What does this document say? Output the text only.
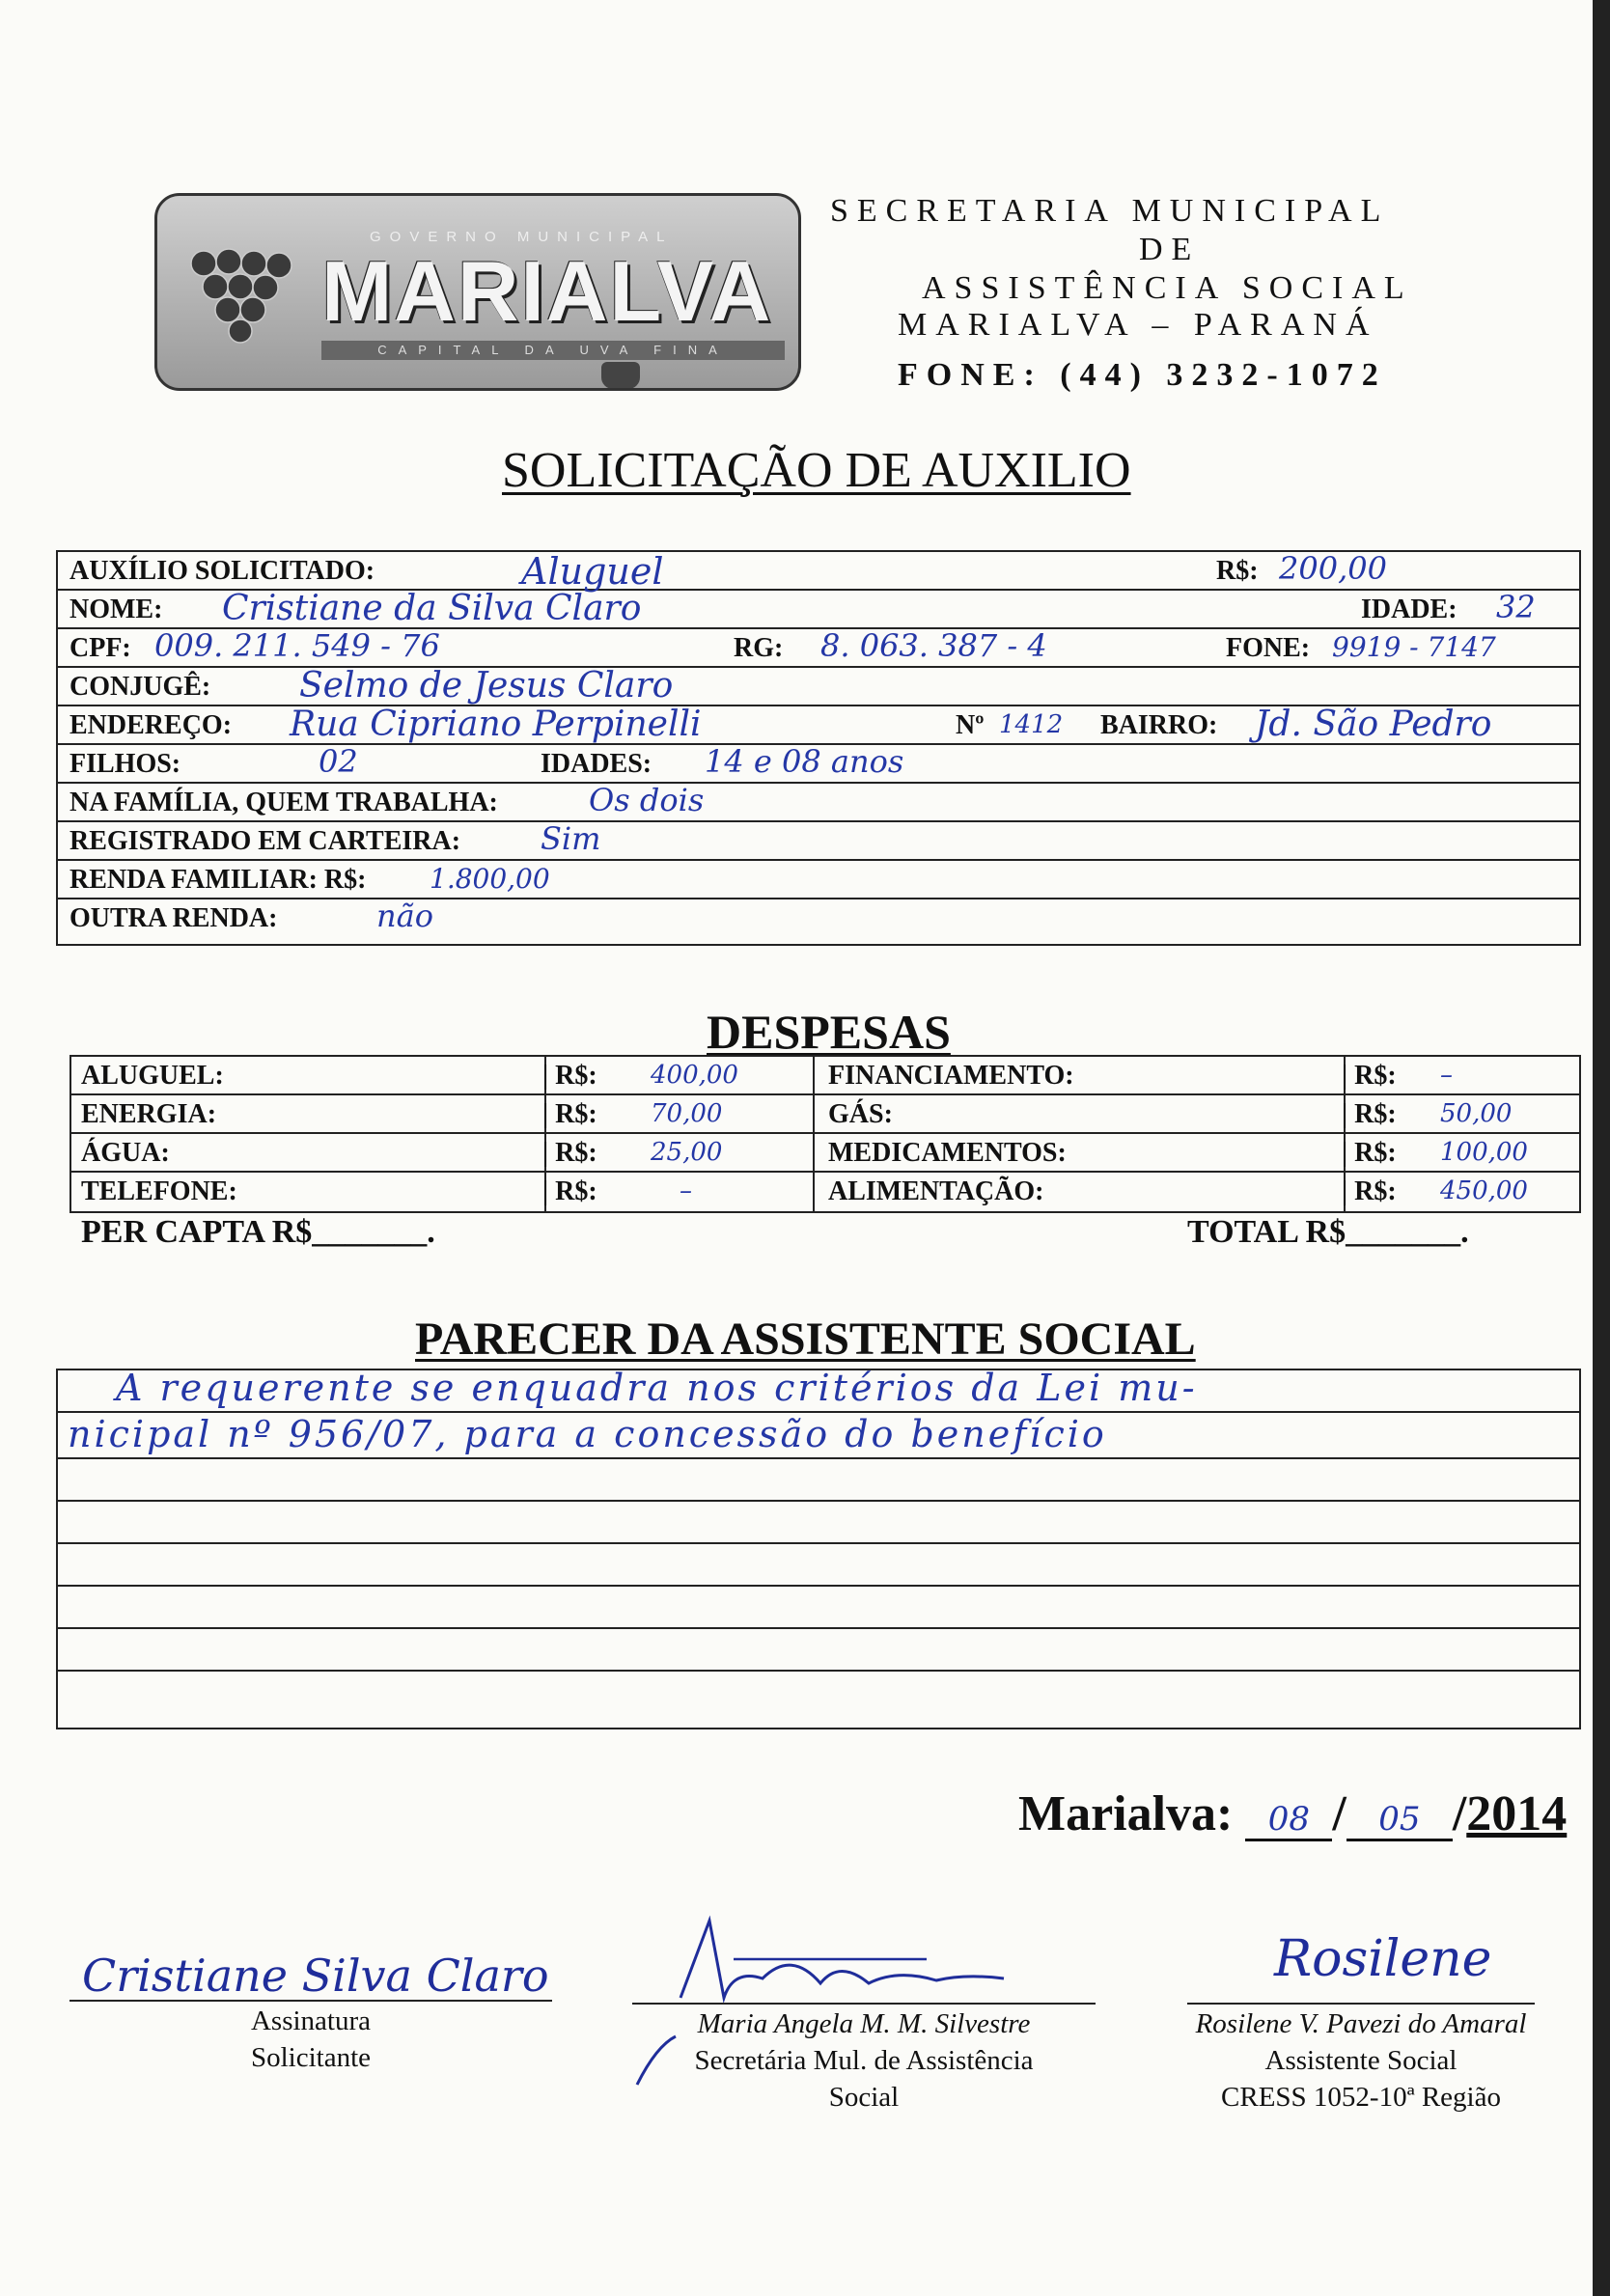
GOVERNO MUNICIPAL
MARIALVA
CAPITAL DA UVA FINA
SECRETARIA MUNICIPAL
DE
ASSISTÊNCIA SOCIAL
MARIALVA – PARANÁ
FONE: (44) 3232-1072
SOLICITAÇÃO DE AUXILIO
AUXÍLIO SOLICITADO:	Aluguel	R$: 200,00
NOME: Cristiane da Silva Claro	IDADE: 32
CPF: 009. 211. 549 - 76	RG: 8. 063. 387 - 4	FONE: 9919 - 7147
CONJUGÊ:	Selmo de Jesus Claro
ENDEREÇO: Rua Cipriano Perpinelli	Nº 1412 BAIRRO: Jd. São Pedro
FILHOS:	02	IDADES: 14 e 08 anos
NA FAMÍLIA, QUEM TRABALHA:	Os dois
REGISTRADO EM CARTEIRA:	Sim
RENDA FAMILIAR: R$: 1.800,00
OUTRA RENDA:	não
DESPESAS
ALUGUEL:	| R$: 400,00	FINANCIAMENTO:	| R$: –
ENERGIA:	| R$: 70,00	GÁS:	| R$: 50,00
ÁGUA:	| R$: 25,00	MEDICAMENTOS:	| R$: 100,00
TELEFONE:	| R$:	–	ALIMENTAÇÃO:	| R$: 450,00
PER CAPTA R$_______.	TOTAL R$_______.
PARECER DA ASSISTENTE SOCIAL
A requerente se enquadra nos critérios da Lei mu-
nicipal nº 956/07, para a concessão do benefício
Marialva: 08 / 05 /2014
Cristiane Silva Claro
Assinatura
Solicitante
Maria Angela M. M. Silvestre
Secretária Mul. de Assistência
Social
Rosilene
Rosilene V. Pavezi do Amaral
Assistente Social
CRESS 1052-10ª Região
